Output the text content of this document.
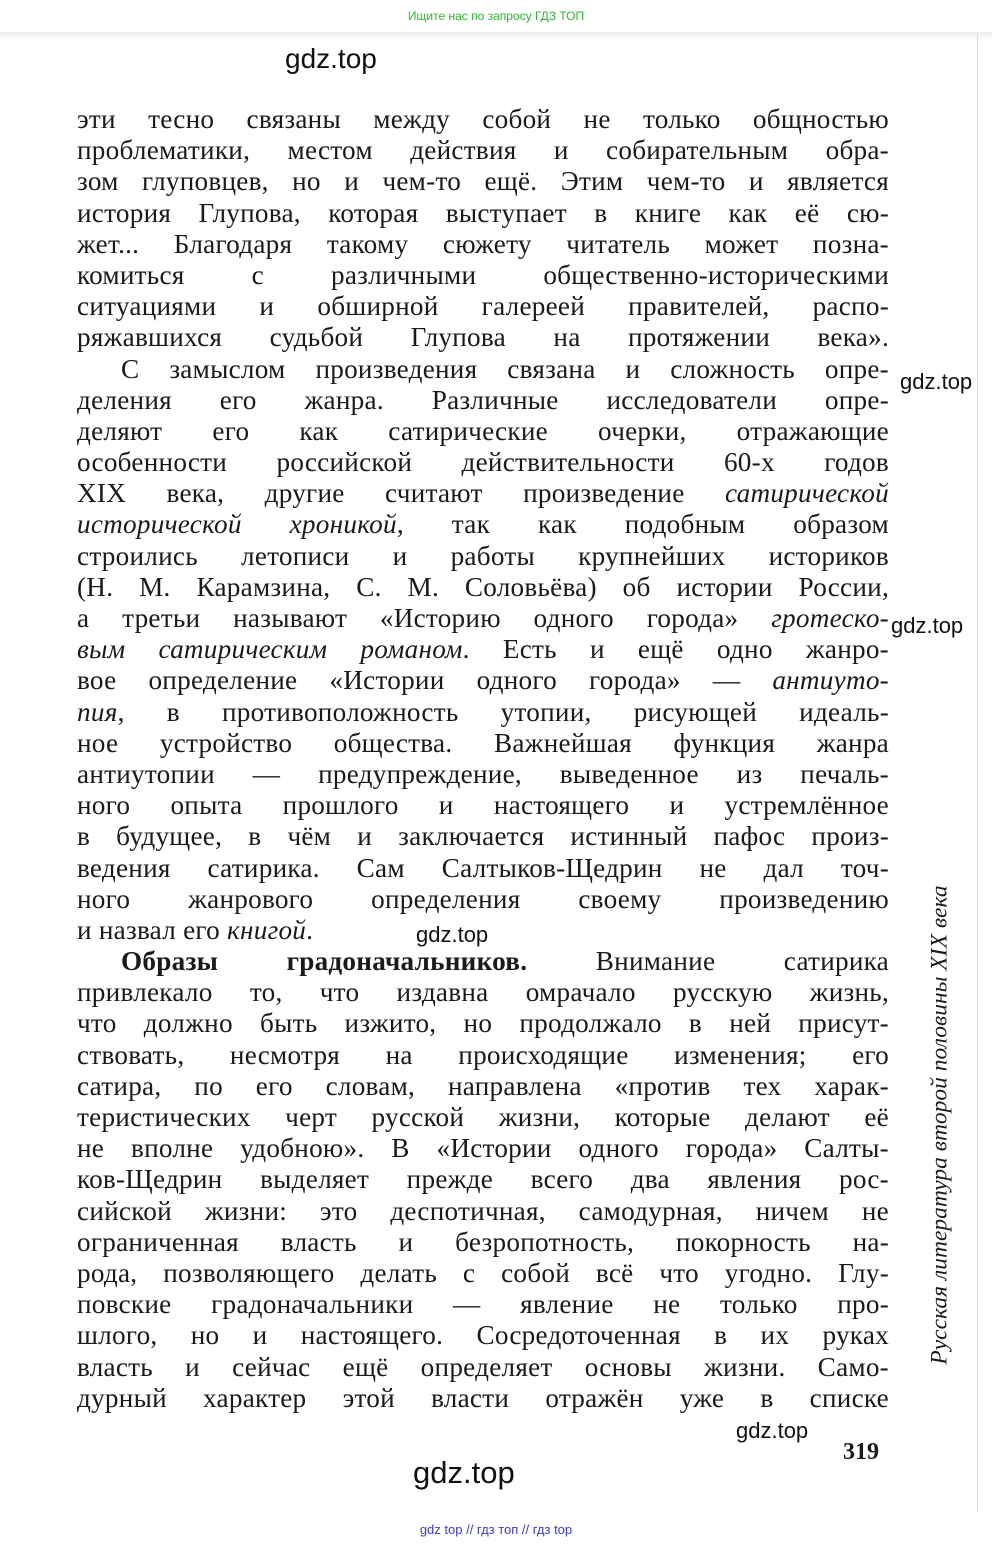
Ищите нас по запросу ГДЗ ТОП
gdz.top
gdz.top
gdz.top
gdz.top
gdz.top
gdz.top
эти тесно связаны между собой не только общностью
проблематики, местом действия и собирательным обра-
зом глуповцев, но и чем-то ещё. Этим чем-то и является
история Глупова, которая выступает в книге как её сю-
жет... Благодаря такому сюжету читатель может позна-
комиться с различными общественно-историческими
ситуациями и обширной галереей правителей, распо-
ряжавшихся судьбой Глупова на протяжении века».
С замыслом произведения связана и сложность опре-
деления его жанра. Различные исследователи опре-
деляют его как сатирические очерки, отражающие
особенности российской действительности 60-х годов
XIX века, другие считают произведение сатирической
исторической хроникой, так как подобным образом
строились летописи и работы крупнейших историков
(Н. М. Карамзина, С. М. Соловьёва) об истории России,
а третьи называют «Историю одного города» гротеско-
вым сатирическим романом. Есть и ещё одно жанро-
вое определение «Истории одного города» — антиуто-
пия, в противоположность утопии, рисующей идеаль-
ное устройство общества. Важнейшая функция жанра
антиутопии — предупреждение, выведенное из печаль-
ного опыта прошлого и настоящего и устремлённое
в будущее, в чём и заключается истинный пафос произ-
ведения сатирика. Сам Салтыков-Щедрин не дал точ-
ного жанрового определения своему произведению
и назвал его книгой.
Образы градоначальников. Внимание сатирика
привлекало то, что издавна омрачало русскую жизнь,
что должно быть изжито, но продолжало в ней присут-
ствовать, несмотря на происходящие изменения; его
сатира, по его словам, направлена «против тех харак-
теристических черт русской жизни, которые делают её
не вполне удобною». В «Истории одного города» Салты-
ков-Щедрин выделяет прежде всего два явления рос-
сийской жизни: это деспотичная, самодурная, ничем не
ограниченная власть и безропотность, покорность на-
рода, позволяющего делать с собой всё что угодно. Глу-
повские градоначальники — явление не только про-
шлого, но и настоящего. Сосредоточенная в их руках
власть и сейчас ещё определяет основы жизни. Само-
дурный характер этой власти отражён уже в списке
Русская литература второй половины XIX века
319
gdz top // гдз топ // гдз top
